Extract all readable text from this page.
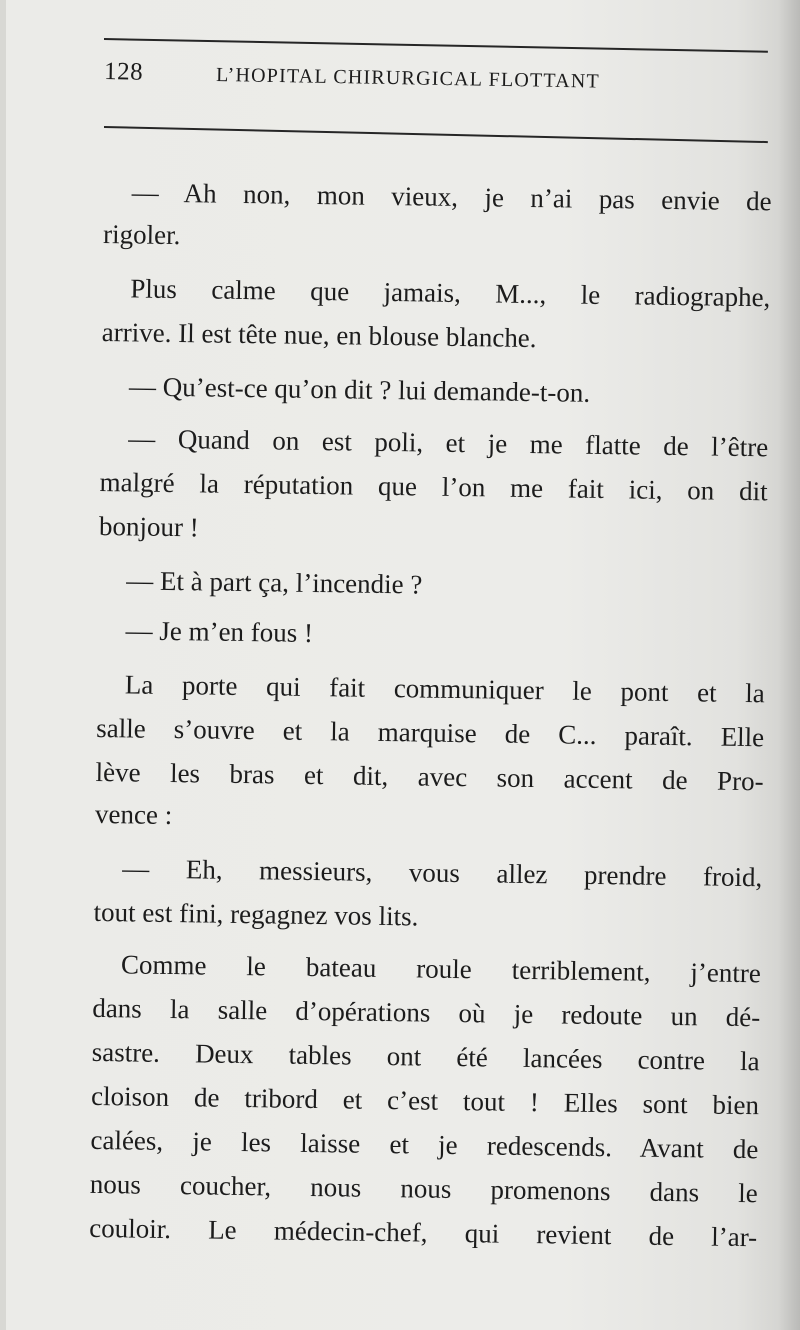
128	L’HOPITAL CHIRURGICAL FLOTTANT
— Ah non, mon vieux, je n’ai pas envie de
rigoler.
Plus calme que jamais, M..., le radiographe,
arrive. Il est tête nue, en blouse blanche.
— Qu’est-ce qu’on dit ? lui demande-t-on.
— Quand on est poli, et je me flatte de l’être
malgré la réputation que l’on me fait ici, on dit
bonjour !
— Et à part ça, l’incendie ?
— Je m’en fous !
La porte qui fait communiquer le pont et la
salle s’ouvre et la marquise de C... paraît. Elle
lève les bras et dit, avec son accent de Pro-
vence :
— Eh, messieurs, vous allez prendre froid,
tout est fini, regagnez vos lits.
Comme le bateau roule terriblement, j’entre
dans la salle d’opérations où je redoute un dé-
sastre. Deux tables ont été lancées contre la
cloison de tribord et c’est tout ! Elles sont bien
calées, je les laisse et je redescends. Avant de
nous coucher, nous nous promenons dans le
couloir. Le médecin-chef, qui revient de l’ar-
